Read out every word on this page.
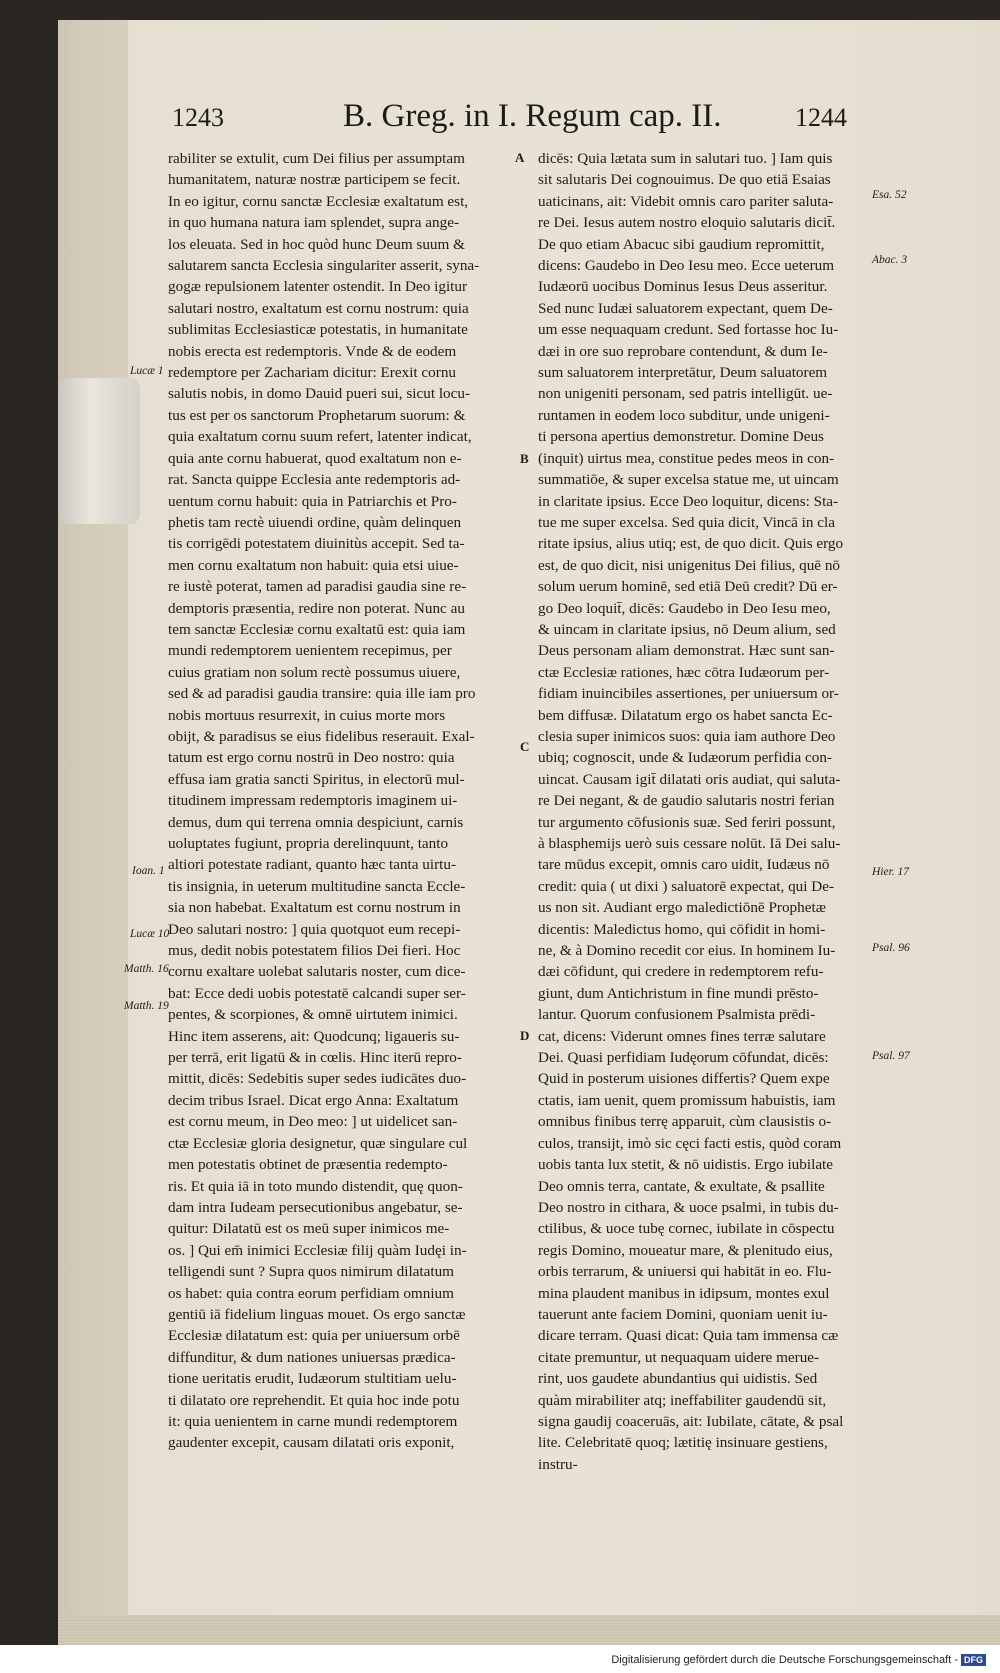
1243	B. Greg. in I. Regum cap. II.	1244
rabiliter se extulit, cum Dei filius per assumptam
humanitatem, naturæ nostræ participem se fecit.
In eo igitur, cornu sanctæ Ecclesiæ exaltatum est,
in quo humana natura iam splendet, supra ange-
los eleuata. Sed in hoc quòd hunc Deum suum &
salutarem sancta Ecclesia singulariter asserit, syna-
gogæ repulsionem latenter ostendit. In Deo igitur
salutari nostro, exaltatum est cornu nostrum: quia
sublimitas Ecclesiasticæ potestatis, in humanitate
nobis erecta est redemptoris. Vnde & de eodem
redemptore per Zachariam dicitur: Erexit cornu
salutis nobis, in domo Dauid pueri sui, sicut locu-
tus est per os sanctorum Prophetarum suorum: &
quia exaltatum cornu suum refert, latenter indicat,
quia ante cornu habuerat, quod exaltatum non e-
rat. Sancta quippe Ecclesia ante redemptoris ad-
uentum cornu habuit: quia in Patriarchis et Pro-
phetis tam rectè uiuendi ordine, quàm delinquen
tis corrigēdi potestatem diuinitùs accepit. Sed ta-
men cornu exaltatum non habuit: quia etsi uiue-
re iustè poterat, tamen ad paradisi gaudia sine re-
demptoris præsentia, redire non poterat. Nunc au
tem sanctæ Ecclesiæ cornu exaltatū est: quia iam
mundi redemptorem uenientem recepimus, per
cuius gratiam non solum rectè possumus uiuere,
sed & ad paradisi gaudia transire: quia ille iam pro
nobis mortuus resurrexit, in cuius morte mors
obijt, & paradisus se eius fidelibus reserauit. Exal-
tatum est ergo cornu nostrū in Deo nostro: quia
effusa iam gratia sancti Spiritus, in electorū mul-
titudinem impressam redemptoris imaginem ui-
demus, dum qui terrena omnia despiciunt, carnis
uoluptates fugiunt, propria derelinquunt, tanto
altiori potestate radiant, quanto hæc tanta uirtu-
tis insignia, in ueterum multitudine sancta Eccle-
sia non habebat. Exaltatum est cornu nostrum in
Deo salutari nostro: ] quia quotquot eum recepi-
mus, dedit nobis potestatem filios Dei fieri. Hoc
cornu exaltare uolebat salutaris noster, cum dice-
bat: Ecce dedi uobis potestatē calcandi super ser-
pentes, & scorpiones, & omnē uirtutem inimici.
Hinc item asserens, ait: Quodcunq; ligaueris su-
per terrā, erit ligatū & in cœlis. Hinc iterū repro-
mittit, dicēs: Sedebitis super sedes iudicātes duo-
decim tribus Israel. Dicat ergo Anna: Exaltatum
est cornu meum, in Deo meo: ] ut uidelicet san-
ctæ Ecclesiæ gloria designetur, quæ singulare cul
men potestatis obtinet de præsentia redempto-
ris. Et quia iā in toto mundo distendit, quę quon-
dam intra Iudeam persecutionibus angebatur, se-
quitur: Dilatatū est os meū super inimicos me-
os. ] Qui em̄ inimici Ecclesiæ filij quàm Iudęi in-
telligendi sunt ? Supra quos nimirum dilatatum
os habet: quia contra eorum perfidiam omnium
gentiū iā fidelium linguas mouet. Os ergo sanctæ
Ecclesiæ dilatatum est: quia per uniuersum orbē
diffunditur, & dum nationes uniuersas prædica-
tione ueritatis erudit, Iudæorum stultitiam uelu-
ti dilatato ore reprehendit. Et quia hoc inde potu
it: quia uenientem in carne mundi redemptorem
gaudenter excepit, causam dilatati oris exponit,
dicēs: Quia lætata sum in salutari tuo. ] Iam quis
sit salutaris Dei cognouimus. De quo etiā Esaias
uaticinans, ait: Videbit omnis caro pariter saluta-
re Dei. Iesus autem nostro eloquio salutaris dicit̄.
De quo etiam Abacuc sibi gaudium repromittit,
dicens: Gaudebo in Deo Iesu meo. Ecce ueterum
Iudæorū uocibus Dominus Iesus Deus asseritur.
Sed nunc Iudæi saluatorem expectant, quem De-
um esse nequaquam credunt. Sed fortasse hoc Iu-
dæi in ore suo reprobare contendunt, & dum Ie-
sum saluatorem interpretātur, Deum saluatorem
non unigeniti personam, sed patris intelligūt. ue-
runtamen in eodem loco subditur, unde unigeni-
ti persona apertius demonstretur. Domine Deus
(inquit) uirtus mea, constitue pedes meos in con-
summatiōe, & super excelsa statue me, ut uincam
in claritate ipsius. Ecce Deo loquitur, dicens: Sta-
tue me super excelsa. Sed quia dicit, Vincā in cla
ritate ipsius, alius utiq; est, de quo dicit. Quis ergo
est, de quo dicit, nisi unigenitus Dei filius, quē nō
solum uerum hominē, sed etiā Deū credit? Dū er-
go Deo loquit̄, dicēs: Gaudebo in Deo Iesu meo,
& uincam in claritate ipsius, nō Deum alium, sed
Deus personam aliam demonstrat. Hæc sunt san-
ctæ Ecclesiæ rationes, hæc cōtra Iudæorum per-
fidiam inuincibiles assertiones, per uniuersum or-
bem diffusæ. Dilatatum ergo os habet sancta Ec-
clesia super inimicos suos: quia iam authore Deo
ubiq; cognoscit, unde & Iudæorum perfidia con-
uincat. Causam igit̄ dilatati oris audiat, qui saluta-
re Dei negant, & de gaudio salutaris nostri ferian
tur argumento cōfusionis suæ. Sed feriri possunt,
à blasphemijs uerò suis cessare nolūt. Iā Dei salu-
tare mūdus excepit, omnis caro uidit, Iudæus nō
credit: quia ( ut dixi ) saluatorē expectat, qui De-
us non sit. Audiant ergo maledictiōnē Prophetæ
dicentis: Maledictus homo, qui cōfidit in homi-
ne, & à Domino recedit cor eius. In hominem Iu-
dæi cōfidunt, qui credere in redemptorem refu-
giunt, dum Antichristum in fine mundi prēsto-
lantur. Quorum confusionem Psalmista prēdi-
cat, dicens: Viderunt omnes fines terræ salutare
Dei. Quasi perfidiam Iudęorum cōfundat, dicēs:
Quid in posterum uisiones differtis? Quem expe
ctatis, iam uenit, quem promissum habuistis, iam
omnibus finibus terrę apparuit, cùm clausistis o-
culos, transijt, imò sic cęci facti estis, quòd coram
uobis tanta lux stetit, & nō uidistis. Ergo iubilate
Deo omnis terra, cantate, & exultate, & psallite
Deo nostro in cithara, & uoce psalmi, in tubis du-
ctilibus, & uoce tubę cornec, iubilate in cōspectu
regis Domino, moueatur mare, & plenitudo eius,
orbis terrarum, & uniuersi qui habitāt in eo. Flu-
mina plaudent manibus in idipsum, montes exul
tauerunt ante faciem Domini, quoniam uenit iu-
dicare terram. Quasi dicat: Quia tam immensa cæ
citate premuntur, ut nequaquam uidere merue-
rint, uos gaudete abundantius qui uidistis. Sed
quàm mirabiliter atq; ineffabiliter gaudendū sit,
signa gaudij coaceruās, ait: Iubilate, cātate, & psal
lite. Celebritatē quoq; lætitię insinuare gestiens,
instru-
A
B
C
D
Lucæ 1
Ioan. 1
Lucæ 10
Matth. 16
Matth. 19
Esa. 52
Abac. 3
Hier. 17
Psal. 96
Psal. 97
Digitalisierung gefördert durch die Deutsche Forschungsgemeinschaft - DFG
